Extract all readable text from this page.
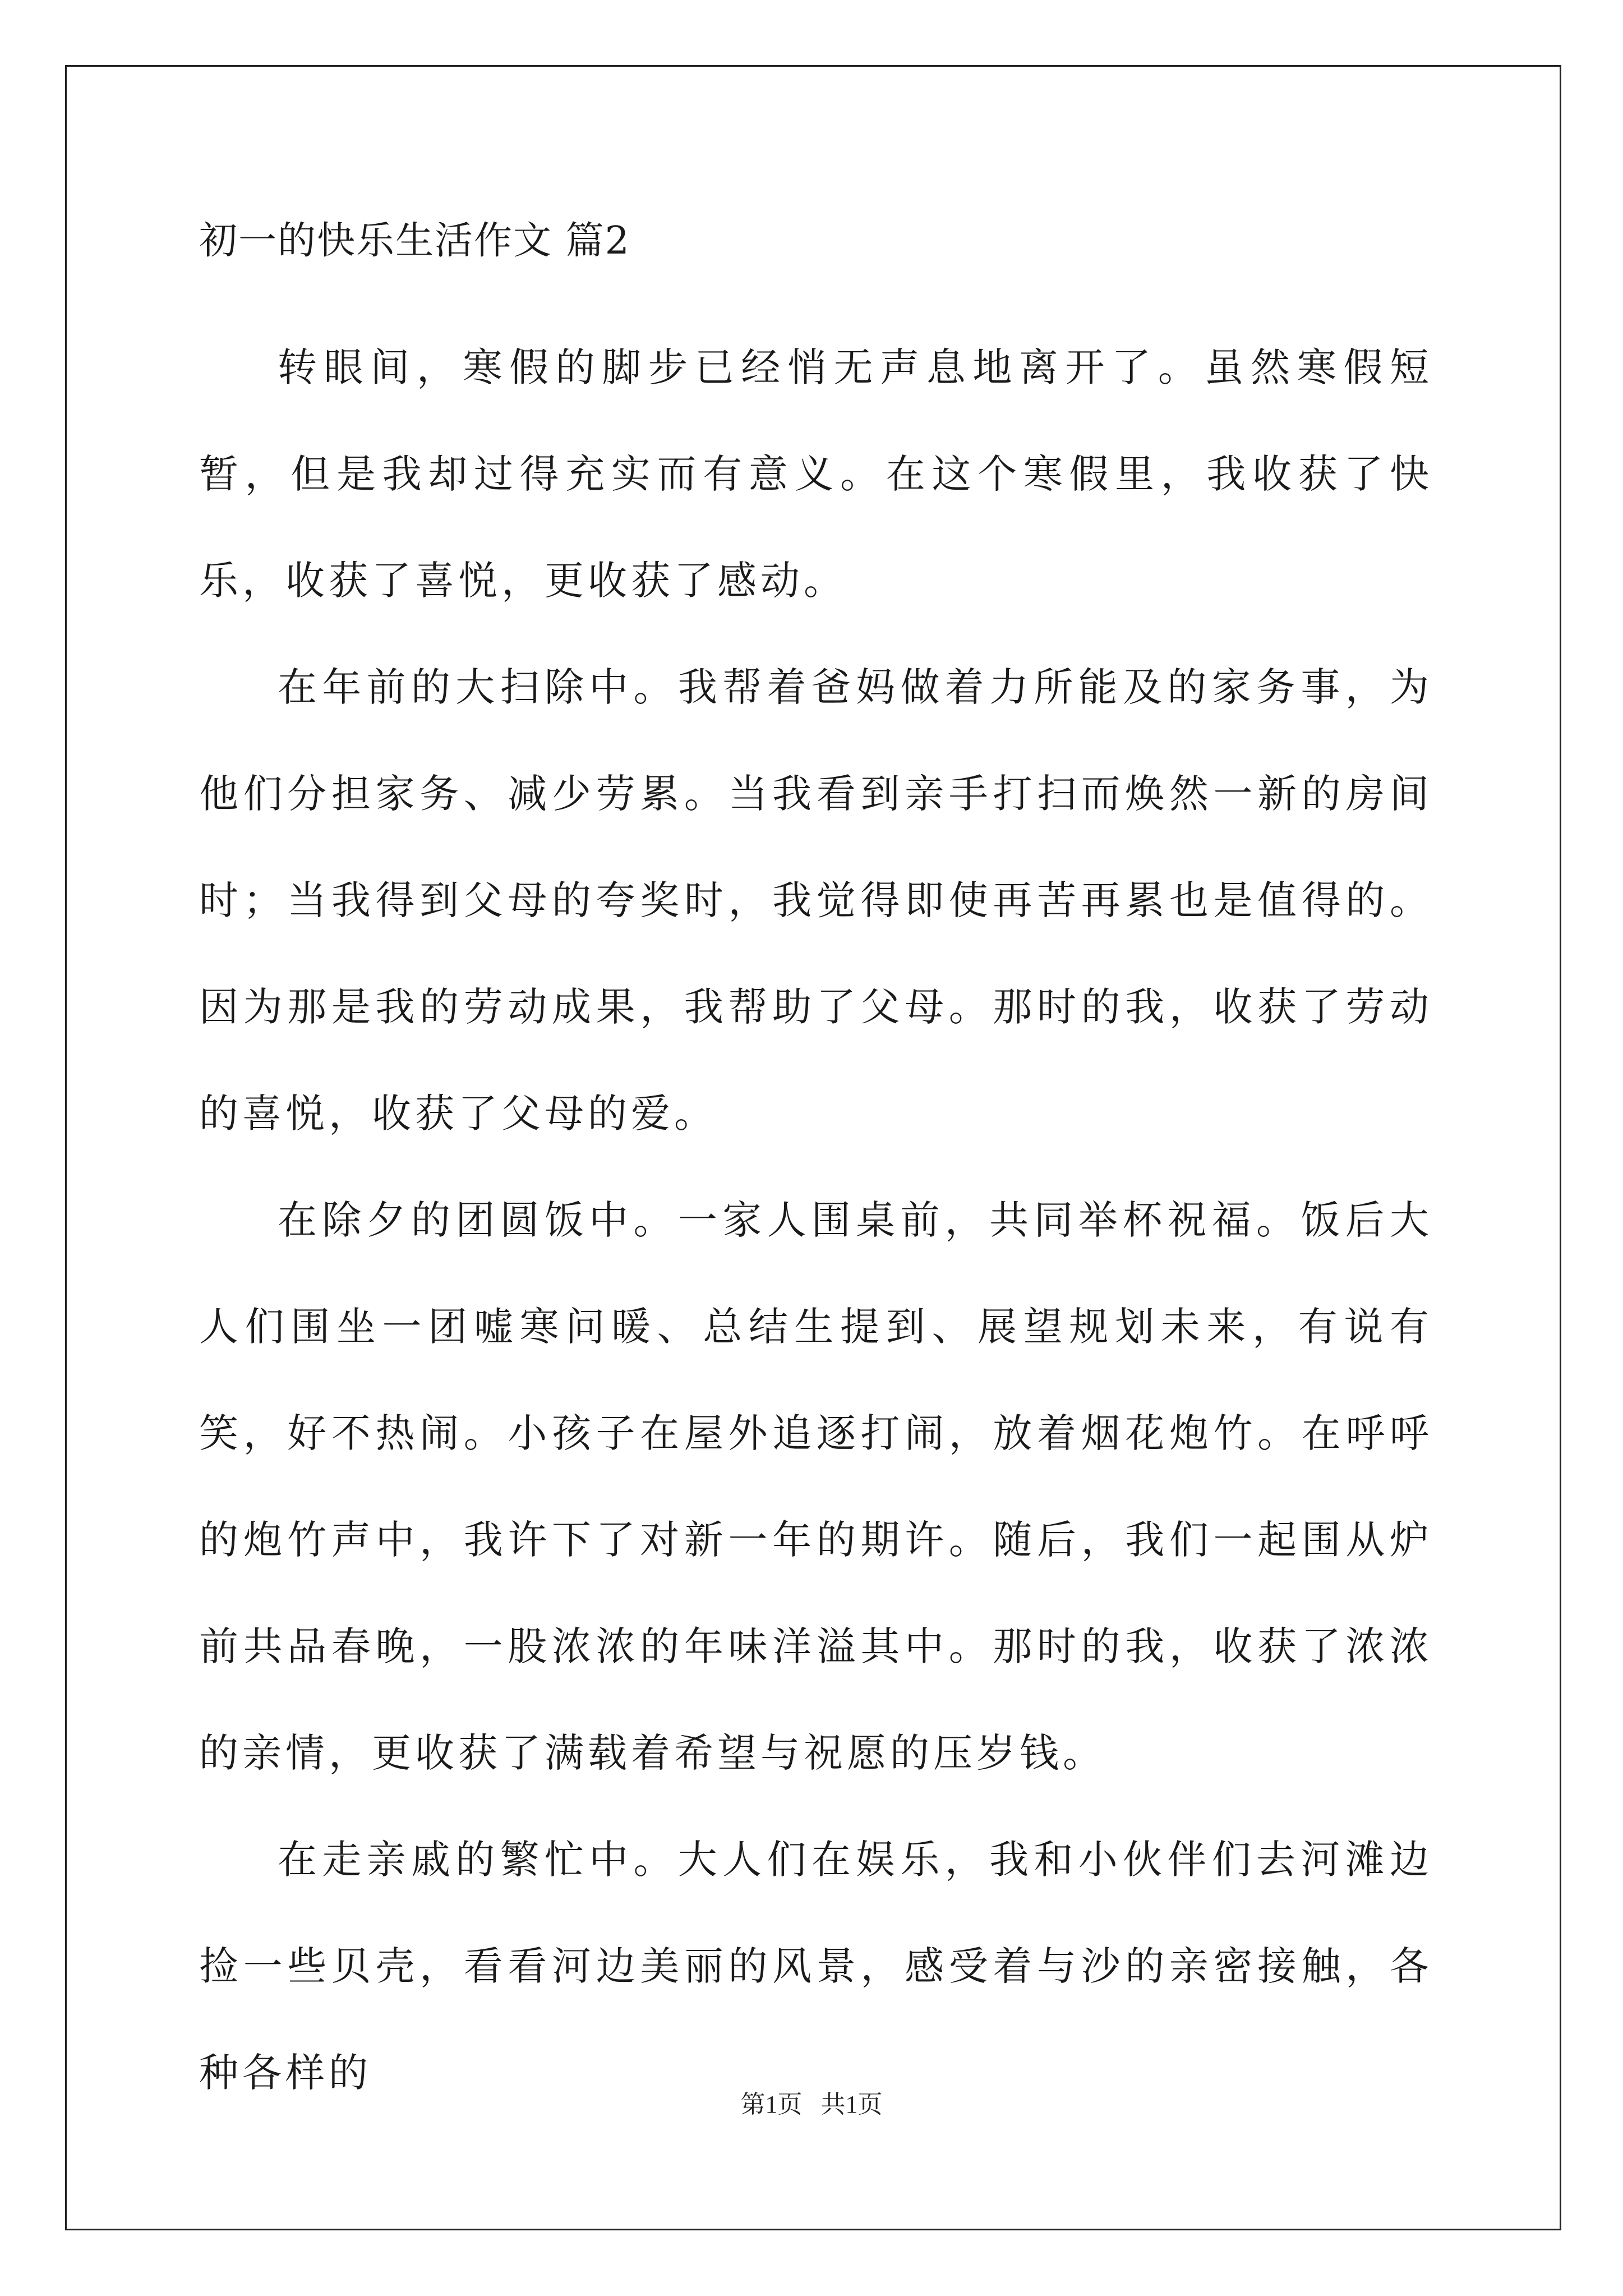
初一的快乐生活作文 篇2

转眼间，寒假的脚步已经悄无声息地离开了。虽然寒假短暂，但是我却过得充实而有意义。在这个寒假里，我收获了快乐，收获了喜悦，更收获了感动。

在年前的大扫除中。我帮着爸妈做着力所能及的家务事，为他们分担家务、减少劳累。当我看到亲手打扫而焕然一新的房间时；当我得到父母的夸奖时，我觉得即使再苦再累也是值得的。因为那是我的劳动成果，我帮助了父母。那时的我，收获了劳动的喜悦，收获了父母的爱。

在除夕的团圆饭中。一家人围桌前，共同举杯祝福。饭后大人们围坐一团嘘寒问暖、总结生提到、展望规划未来，有说有笑，好不热闹。小孩子在屋外追逐打闹，放着烟花炮竹。在呼呼的炮竹声中，我许下了对新一年的期许。随后，我们一起围从炉前共品春晚，一股浓浓的年味洋溢其中。那时的我，收获了浓浓的亲情，更收获了满载着希望与祝愿的压岁钱。

在走亲戚的繁忙中。大人们在娱乐，我和小伙伴们去河滩边捡一些贝壳，看看河边美丽的风景，感受着与沙的亲密接触，各种各样的

第1页   共1页
